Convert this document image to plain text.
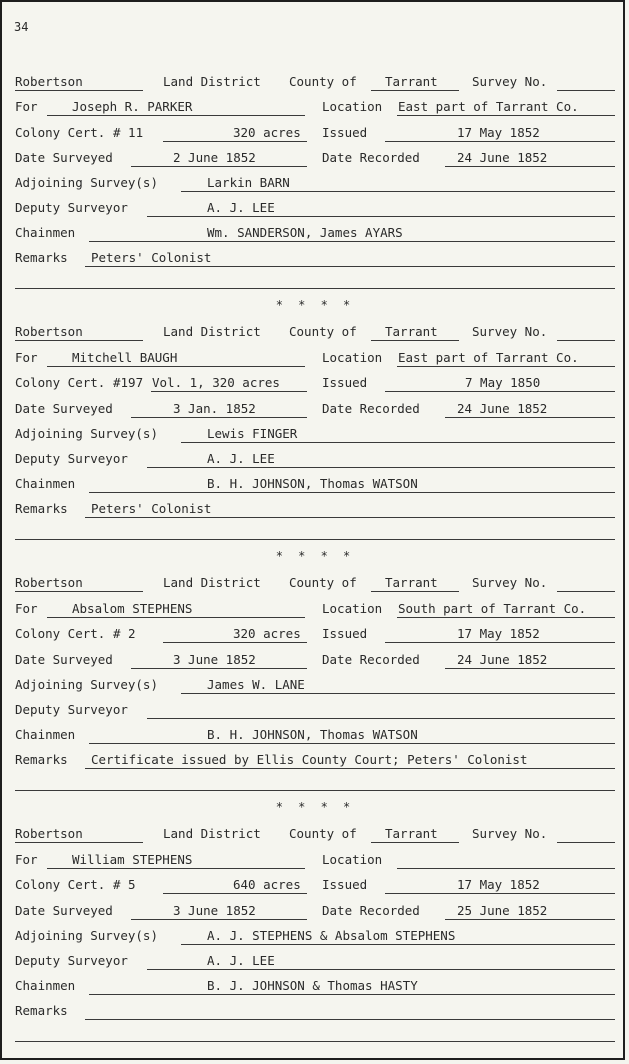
34
Robertson	Land District County of Tarrant	Survey No.
For	Joseph R. PARKER	Location East part of Tarrant Co.
Colony Cert. # 11	320 acres Issued	17 May 1852
Date Surveyed	2 June 1852	Date Recorded	24 June 1852
Adjoining Survey(s)	Larkin BARN
Deputy Surveyor	A. J. LEE
Chainmen	Wm. SANDERSON, James AYARS
Remarks Peters' Colonist
* * * *
Robertson	Land District County of Tarrant	Survey No.
For	Mitchell BAUGH	Location East part of Tarrant Co.
Colony Cert. #197 Vol. 1, 320 acres	Issued	7 May 1850
Date Surveyed	3 Jan. 1852	Date Recorded	24 June 1852
Adjoining Survey(s)	Lewis FINGER
Deputy Surveyor	A. J. LEE
Chainmen	B. H. JOHNSON, Thomas WATSON
Remarks Peters' Colonist
* * * *
Robertson	Land District County of Tarrant	Survey No.
For	Absalom STEPHENS	Location South part of Tarrant Co.
Colony Cert. # 2	320 acres Issued	17 May 1852
Date Surveyed	3 June 1852	Date Recorded	24 June 1852
Adjoining Survey(s)	James W. LANE
Deputy Surveyor
Chainmen	B. H. JOHNSON, Thomas WATSON
Remarks Certificate issued by Ellis County Court; Peters' Colonist
* * * *
Robertson	Land District County of Tarrant	Survey No.
For	William STEPHENS	Location
Colony Cert. # 5	640 acres Issued	17 May 1852
Date Surveyed	3 June 1852	Date Recorded	25 June 1852
Adjoining Survey(s)	A. J. STEPHENS & Absalom STEPHENS
Deputy Surveyor	A. J. LEE
Chainmen	B. J. JOHNSON & Thomas HASTY
Remarks
